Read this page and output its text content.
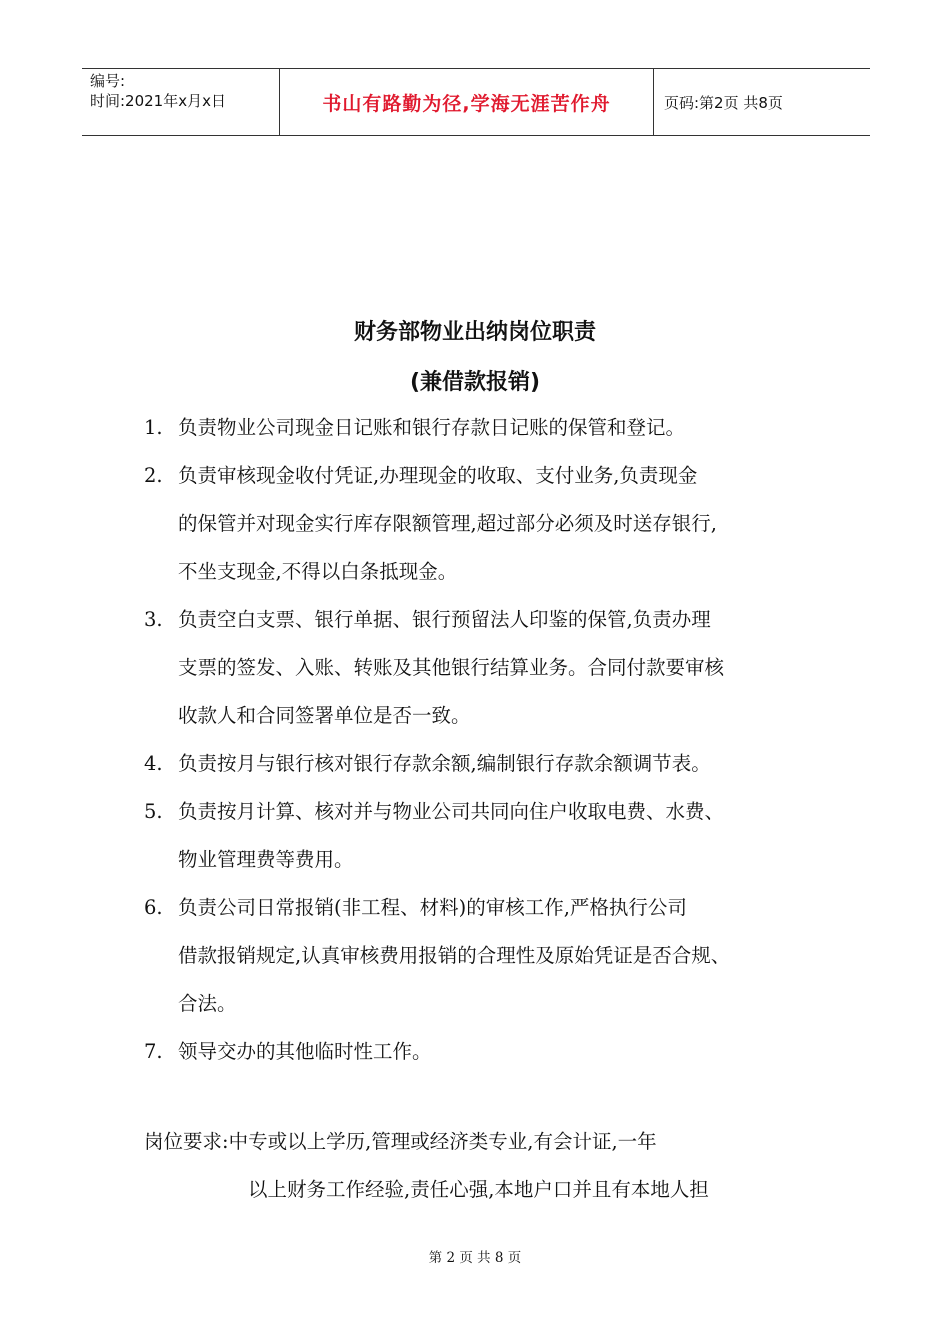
编号:
时间:2021年x月x日	书山有路勤为径,学海无涯苦作舟	页码:第2页 共8页
财务部物业出纳岗位职责
(兼借款报销)
1. 负责物业公司现金日记账和银行存款日记账的保管和登记。
2. 负责审核现金收付凭证,办理现金的收取、支付业务,负责现金
的保管并对现金实行库存限额管理,超过部分必须及时送存银行,
不坐支现金,不得以白条抵现金。
3. 负责空白支票、银行单据、银行预留法人印鉴的保管,负责办理
支票的签发、入账、转账及其他银行结算业务。合同付款要审核
收款人和合同签署单位是否一致。
4. 负责按月与银行核对银行存款余额,编制银行存款余额调节表。
5. 负责按月计算、核对并与物业公司共同向住户收取电费、水费、
物业管理费等费用。
6. 负责公司日常报销(非工程、材料)的审核工作,严格执行公司
借款报销规定,认真审核费用报销的合理性及原始凭证是否合规、
合法。
7. 领导交办的其他临时性工作。
岗位要求:中专或以上学历,管理或经济类专业,有会计证,一年
以上财务工作经验,责任心强,本地户口并且有本地人担
第 2 页 共 8 页
